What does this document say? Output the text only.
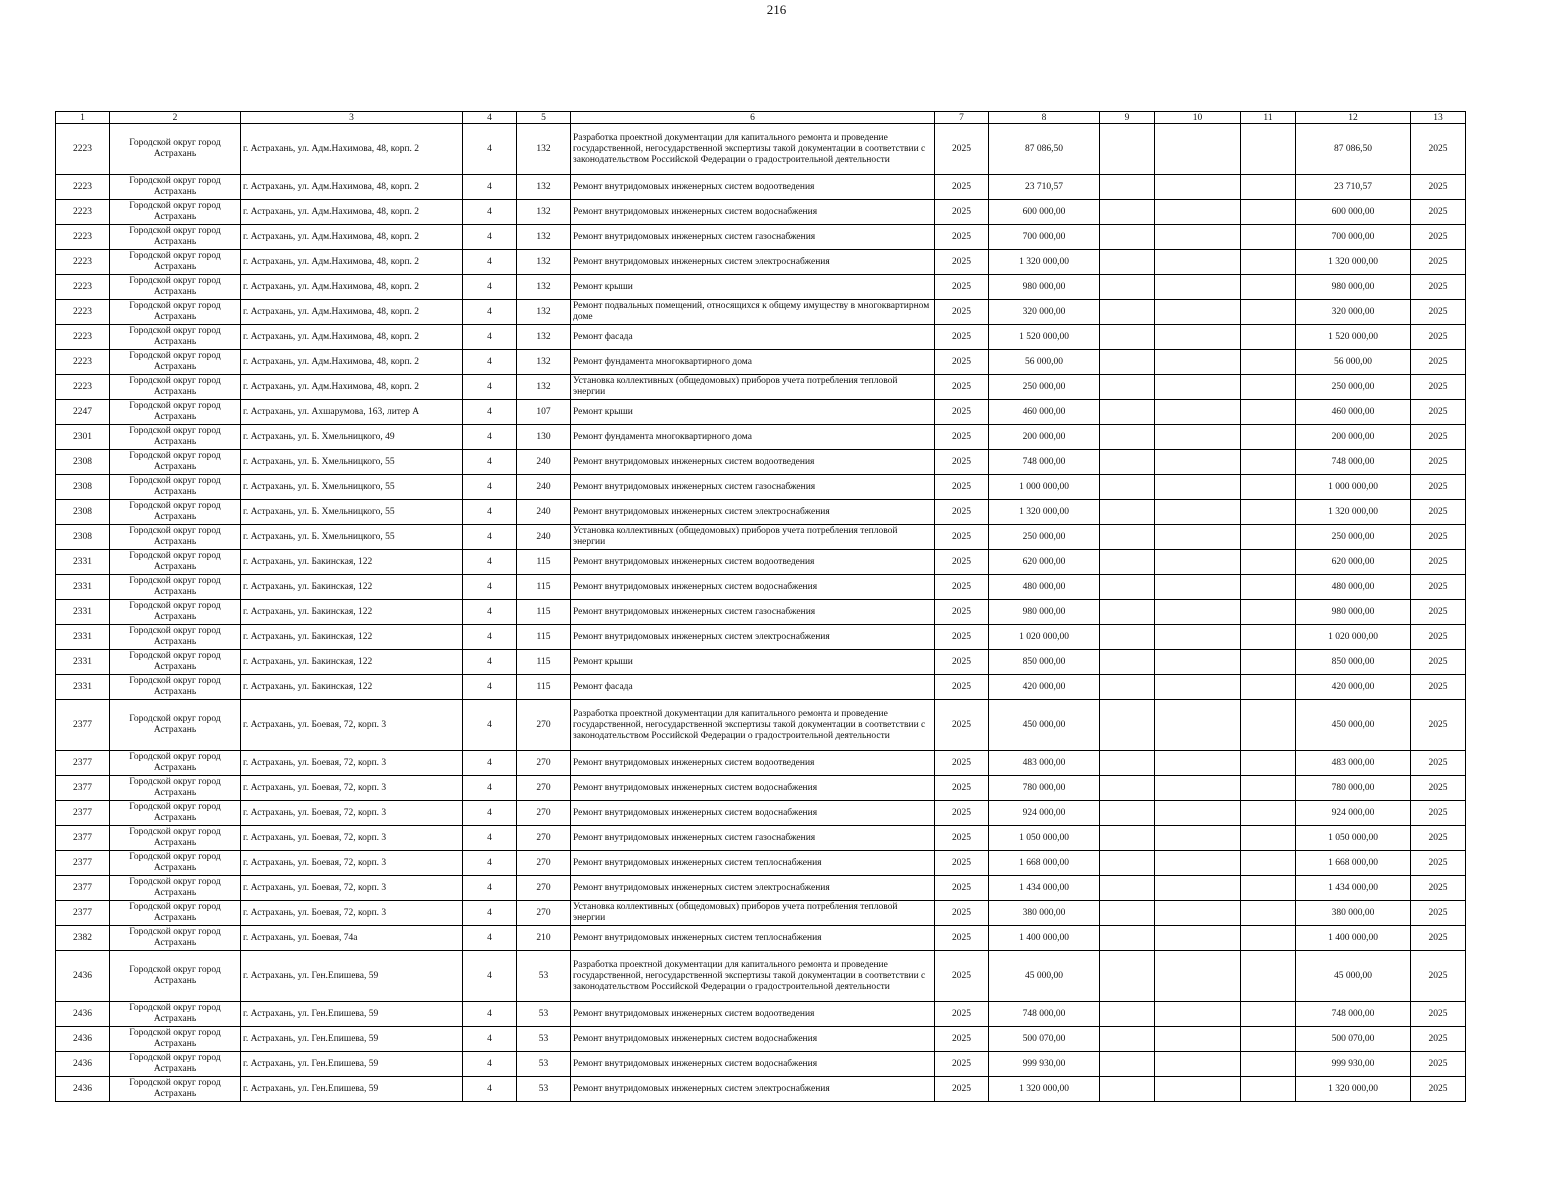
216
1	2	3	4	5	6	7	8	9	10	11	12	13
2223	Городской округ город Астрахань	г. Астрахань, ул. Адм.Нахимова, 48, корп. 2	4	132	Разработка проектной документации для капитального ремонта и проведение государственной, негосударственной экспертизы такой документации в соответствии с законодательством Российской Федерации о градостроительной деятельности	2025	87 086,50				87 086,50	2025
2223	Городской округ город Астрахань	г. Астрахань, ул. Адм.Нахимова, 48, корп. 2	4	132	Ремонт внутридомовых инженерных систем водоотведения	2025	23 710,57				23 710,57	2025
2223	Городской округ город Астрахань	г. Астрахань, ул. Адм.Нахимова, 48, корп. 2	4	132	Ремонт внутридомовых инженерных систем водоснабжения	2025	600 000,00				600 000,00	2025
2223	Городской округ город Астрахань	г. Астрахань, ул. Адм.Нахимова, 48, корп. 2	4	132	Ремонт внутридомовых инженерных систем газоснабжения	2025	700 000,00				700 000,00	2025
2223	Городской округ город Астрахань	г. Астрахань, ул. Адм.Нахимова, 48, корп. 2	4	132	Ремонт внутридомовых инженерных систем электроснабжения	2025	1 320 000,00				1 320 000,00	2025
2223	Городской округ город Астрахань	г. Астрахань, ул. Адм.Нахимова, 48, корп. 2	4	132	Ремонт крыши	2025	980 000,00				980 000,00	2025
2223	Городской округ город Астрахань	г. Астрахань, ул. Адм.Нахимова, 48, корп. 2	4	132	Ремонт подвальных помещений, относящихся к общему имуществу в многоквартирном доме	2025	320 000,00				320 000,00	2025
2223	Городской округ город Астрахань	г. Астрахань, ул. Адм.Нахимова, 48, корп. 2	4	132	Ремонт фасада	2025	1 520 000,00				1 520 000,00	2025
2223	Городской округ город Астрахань	г. Астрахань, ул. Адм.Нахимова, 48, корп. 2	4	132	Ремонт фундамента многоквартирного дома	2025	56 000,00				56 000,00	2025
2223	Городской округ город Астрахань	г. Астрахань, ул. Адм.Нахимова, 48, корп. 2	4	132	Установка коллективных (общедомовых) приборов учета потребления тепловой энергии	2025	250 000,00				250 000,00	2025
2247	Городской округ город Астрахань	г. Астрахань, ул. Ахшарумова, 163, литер А	4	107	Ремонт крыши	2025	460 000,00				460 000,00	2025
2301	Городской округ город Астрахань	г. Астрахань, ул. Б. Хмельницкого, 49	4	130	Ремонт фундамента многоквартирного дома	2025	200 000,00				200 000,00	2025
2308	Городской округ город Астрахань	г. Астрахань, ул. Б. Хмельницкого, 55	4	240	Ремонт внутридомовых инженерных систем водоотведения	2025	748 000,00				748 000,00	2025
2308	Городской округ город Астрахань	г. Астрахань, ул. Б. Хмельницкого, 55	4	240	Ремонт внутридомовых инженерных систем газоснабжения	2025	1 000 000,00				1 000 000,00	2025
2308	Городской округ город Астрахань	г. Астрахань, ул. Б. Хмельницкого, 55	4	240	Ремонт внутридомовых инженерных систем электроснабжения	2025	1 320 000,00				1 320 000,00	2025
2308	Городской округ город Астрахань	г. Астрахань, ул. Б. Хмельницкого, 55	4	240	Установка коллективных (общедомовых) приборов учета потребления тепловой энергии	2025	250 000,00				250 000,00	2025
2331	Городской округ город Астрахань	г. Астрахань, ул. Бакинская, 122	4	115	Ремонт внутридомовых инженерных систем водоотведения	2025	620 000,00				620 000,00	2025
2331	Городской округ город Астрахань	г. Астрахань, ул. Бакинская, 122	4	115	Ремонт внутридомовых инженерных систем водоснабжения	2025	480 000,00				480 000,00	2025
2331	Городской округ город Астрахань	г. Астрахань, ул. Бакинская, 122	4	115	Ремонт внутридомовых инженерных систем газоснабжения	2025	980 000,00				980 000,00	2025
2331	Городской округ город Астрахань	г. Астрахань, ул. Бакинская, 122	4	115	Ремонт внутридомовых инженерных систем электроснабжения	2025	1 020 000,00				1 020 000,00	2025
2331	Городской округ город Астрахань	г. Астрахань, ул. Бакинская, 122	4	115	Ремонт крыши	2025	850 000,00				850 000,00	2025
2331	Городской округ город Астрахань	г. Астрахань, ул. Бакинская, 122	4	115	Ремонт фасада	2025	420 000,00				420 000,00	2025
2377	Городской округ город Астрахань	г. Астрахань, ул. Боевая, 72, корп. 3	4	270	Разработка проектной документации для капитального ремонта и проведение государственной, негосударственной экспертизы такой документации в соответствии с законодательством Российской Федерации о градостроительной деятельности	2025	450 000,00				450 000,00	2025
2377	Городской округ город Астрахань	г. Астрахань, ул. Боевая, 72, корп. 3	4	270	Ремонт внутридомовых инженерных систем водоотведения	2025	483 000,00				483 000,00	2025
2377	Городской округ город Астрахань	г. Астрахань, ул. Боевая, 72, корп. 3	4	270	Ремонт внутридомовых инженерных систем водоснабжения	2025	780 000,00				780 000,00	2025
2377	Городской округ город Астрахань	г. Астрахань, ул. Боевая, 72, корп. 3	4	270	Ремонт внутридомовых инженерных систем водоснабжения	2025	924 000,00				924 000,00	2025
2377	Городской округ город Астрахань	г. Астрахань, ул. Боевая, 72, корп. 3	4	270	Ремонт внутридомовых инженерных систем газоснабжения	2025	1 050 000,00				1 050 000,00	2025
2377	Городской округ город Астрахань	г. Астрахань, ул. Боевая, 72, корп. 3	4	270	Ремонт внутридомовых инженерных систем теплоснабжения	2025	1 668 000,00				1 668 000,00	2025
2377	Городской округ город Астрахань	г. Астрахань, ул. Боевая, 72, корп. 3	4	270	Ремонт внутридомовых инженерных систем электроснабжения	2025	1 434 000,00				1 434 000,00	2025
2377	Городской округ город Астрахань	г. Астрахань, ул. Боевая, 72, корп. 3	4	270	Установка коллективных (общедомовых) приборов учета потребления тепловой энергии	2025	380 000,00				380 000,00	2025
2382	Городской округ город Астрахань	г. Астрахань, ул. Боевая, 74а	4	210	Ремонт внутридомовых инженерных систем теплоснабжения	2025	1 400 000,00				1 400 000,00	2025
2436	Городской округ город Астрахань	г. Астрахань, ул. Ген.Епишева, 59	4	53	Разработка проектной документации для капитального ремонта и проведение государственной, негосударственной экспертизы такой документации в соответствии с законодательством Российской Федерации о градостроительной деятельности	2025	45 000,00				45 000,00	2025
2436	Городской округ город Астрахань	г. Астрахань, ул. Ген.Епишева, 59	4	53	Ремонт внутридомовых инженерных систем водоотведения	2025	748 000,00				748 000,00	2025
2436	Городской округ город Астрахань	г. Астрахань, ул. Ген.Епишева, 59	4	53	Ремонт внутридомовых инженерных систем водоснабжения	2025	500 070,00				500 070,00	2025
2436	Городской округ город Астрахань	г. Астрахань, ул. Ген.Епишева, 59	4	53	Ремонт внутридомовых инженерных систем водоснабжения	2025	999 930,00				999 930,00	2025
2436	Городской округ город Астрахань	г. Астрахань, ул. Ген.Епишева, 59	4	53	Ремонт внутридомовых инженерных систем электроснабжения	2025	1 320 000,00				1 320 000,00	2025
